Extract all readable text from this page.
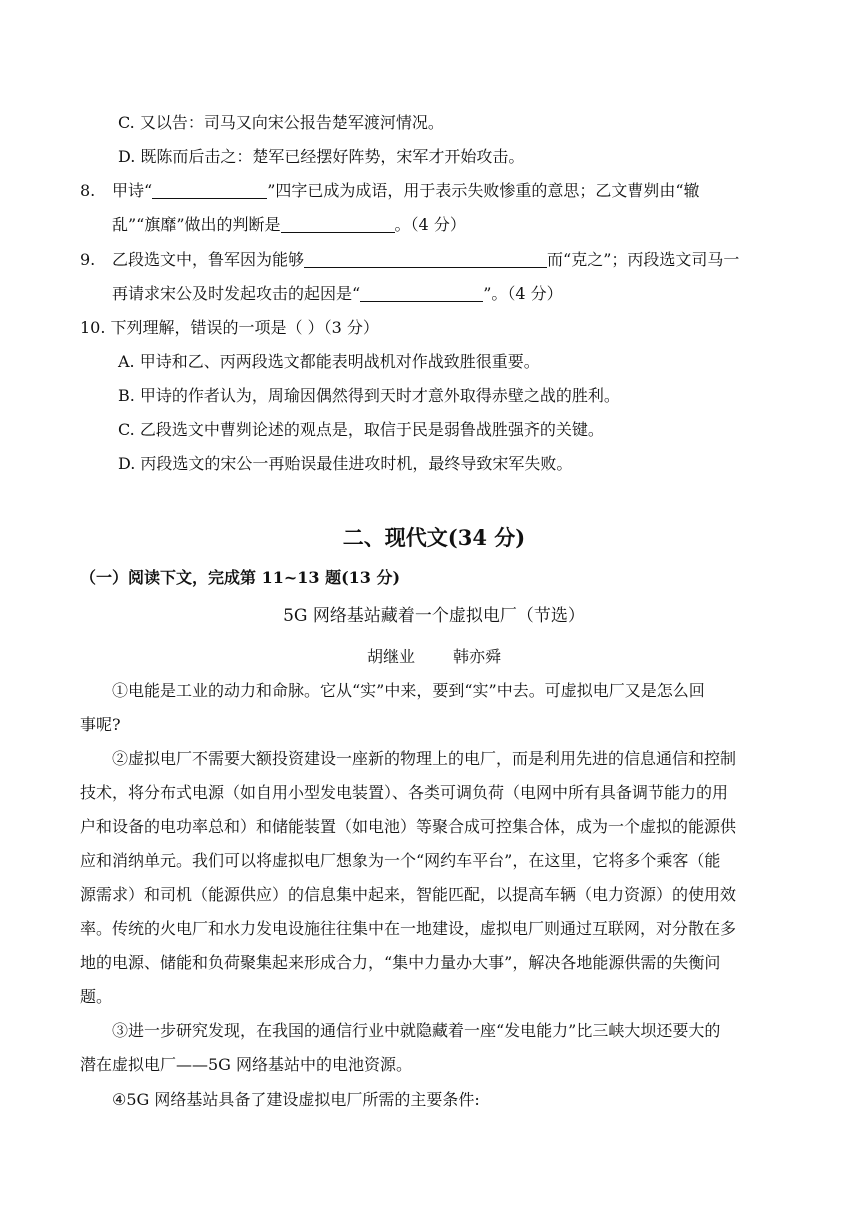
C. 又以告：司马又向宋公报告楚军渡河情况。
D. 既陈而后击之：楚军已经摆好阵势，宋军才开始攻击。
8. 甲诗“	”四字已成为成语，用于表示失败惨重的意思；乙文曹刿由“辙
乱”“旗靡”做出的判断是	。（4 分）
9. 乙段选文中，鲁军因为能够	而“克之”；丙段选文司马一
再请求宋公及时发起攻击的起因是“	”。（4 分）
10. 下列理解，错误的一项是（ ）（3 分）
A. 甲诗和乙、丙两段选文都能表明战机对作战致胜很重要。
B. 甲诗的作者认为，周瑜因偶然得到天时才意外取得赤壁之战的胜利。
C. 乙段选文中曹刿论述的观点是，取信于民是弱鲁战胜强齐的关键。
D. 丙段选文的宋公一再贻误最佳进攻时机，最终导致宋军失败。
二、现代文(34 分)
（一）阅读下文，完成第 11~13 题(13 分)
5G 网络基站藏着一个虚拟电厂（节选）
胡继业 韩亦舜
①电能是工业的动力和命脉。它从“实”中来，要到“实”中去。可虚拟电厂又是怎么回
事呢?
②虚拟电厂不需要大额投资建设一座新的物理上的电厂，而是利用先进的信息通信和控制
技术，将分布式电源（如自用小型发电装置）、各类可调负荷（电网中所有具备调节能力的用
户和设备的电功率总和）和储能装置（如电池）等聚合成可控集合体，成为一个虚拟的能源供
应和消纳单元。我们可以将虚拟电厂想象为一个“网约车平台”，在这里，它将多个乘客（能
源需求）和司机（能源供应）的信息集中起来，智能匹配，以提高车辆（电力资源）的使用效
率。传统的火电厂和水力发电设施往往集中在一地建设，虚拟电厂则通过互联网，对分散在多
地的电源、储能和负荷聚集起来形成合力，“集中力量办大事”，解决各地能源供需的失衡问
题。
③进一步研究发现，在我国的通信行业中就隐藏着一座“发电能力”比三峡大坝还要大的
潜在虚拟电厂——5G 网络基站中的电池资源。
④5G 网络基站具备了建设虚拟电厂所需的主要条件:
